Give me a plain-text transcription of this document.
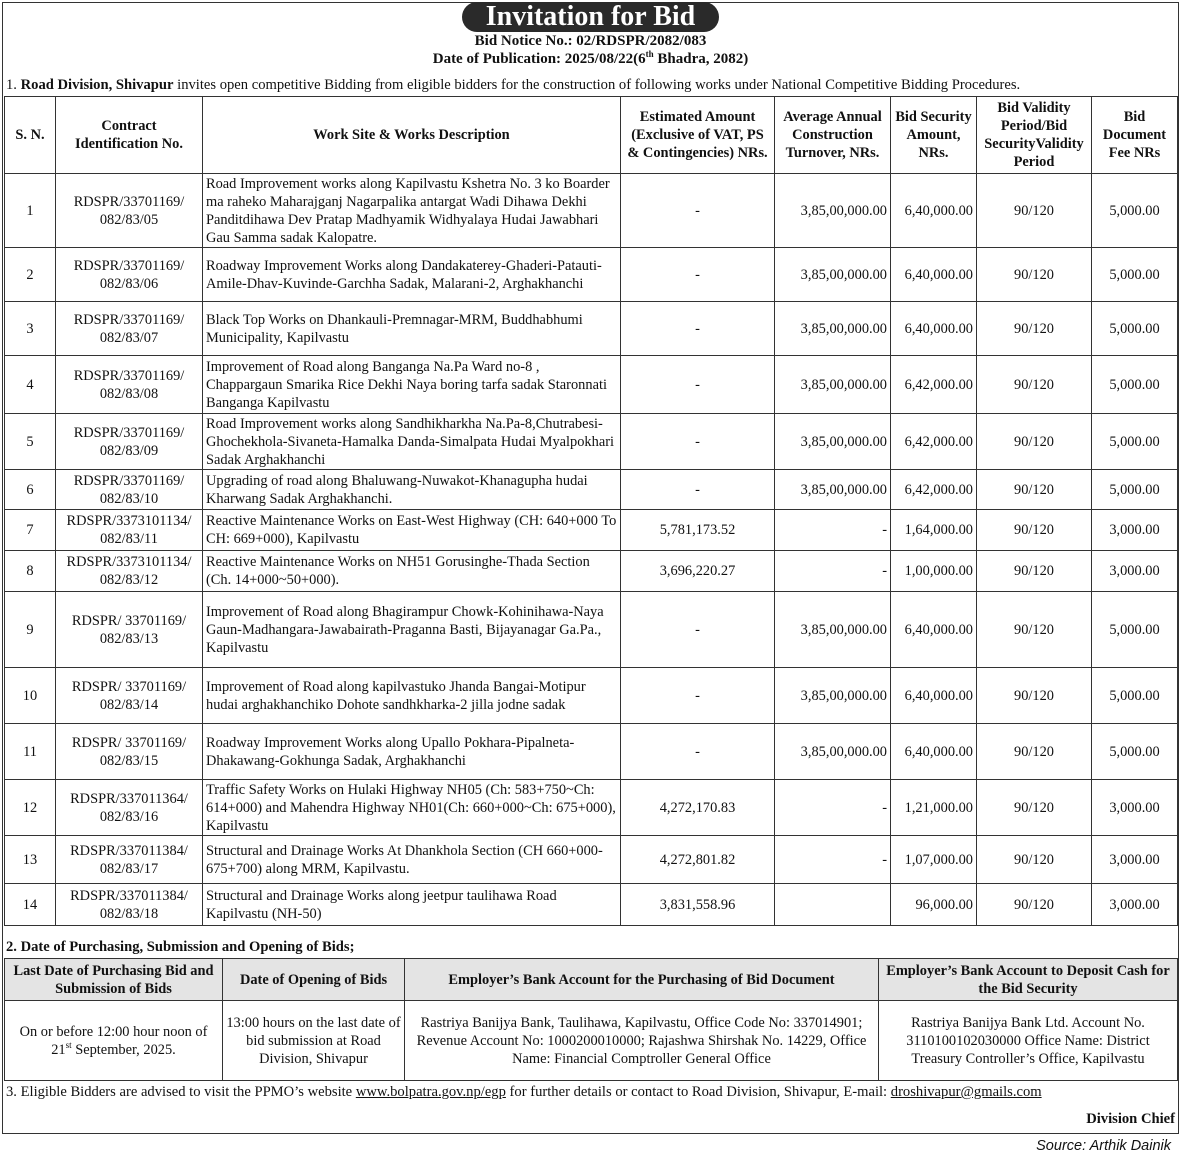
Invitation for Bid
Bid Notice No.: 02/RDSPR/2082/083
Date of Publication: 2025/08/22(6th Bhadra, 2082)
1. Road Division, Shivapur invites open competitive Bidding from eligible bidders for the construction of following works under National Competitive Bidding Procedures.
S. N.	Contract Identification No.	Work Site & Works Description	Estimated Amount (Exclusive of VAT, PS & Contingencies) NRs.	Average Annual Construction Turnover, NRs.	Bid Security Amount, NRs.	Bid Validity Period/Bid SecurityValidity Period	Bid Document Fee NRs
1	RDSPR/33701169/ 082/83/05	Road Improvement works along Kapilvastu Kshetra No. 3 ko Boarder ma raheko Maharajganj Nagarpalika antargat Wadi Dihawa Dekhi Panditdihawa Dev Pratap Madhyamik Widhyalaya Hudai Jawabhari Gau Samma sadak Kalopatre.	-	3,85,00,000.00	6,40,000.00	90/120	5,000.00
2	RDSPR/33701169/ 082/83/06	Roadway Improvement Works along Dandakaterey-Ghaderi-Patauti-Amile-Dhav-Kuvinde-Garchha Sadak, Malarani-2, Arghakhanchi	-	3,85,00,000.00	6,40,000.00	90/120	5,000.00
3	RDSPR/33701169/ 082/83/07	Black Top Works on Dhankauli-Premnagar-MRM, Buddhabhumi Municipality, Kapilvastu	-	3,85,00,000.00	6,40,000.00	90/120	5,000.00
4	RDSPR/33701169/ 082/83/08	Improvement of Road along Banganga Na.Pa Ward no-8 , Chappargaun Smarika Rice Dekhi Naya boring tarfa sadak Staronnati Banganga Kapilvastu	-	3,85,00,000.00	6,42,000.00	90/120	5,000.00
5	RDSPR/33701169/ 082/83/09	Road Improvement works along Sandhikharkha Na.Pa-8,Chutrabesi-Ghochekhola-Sivaneta-Hamalka Danda-Simalpata Hudai Myalpokhari Sadak Arghakhanchi	-	3,85,00,000.00	6,42,000.00	90/120	5,000.00
6	RDSPR/33701169/ 082/83/10	Upgrading of road along Bhaluwang-Nuwakot-Khanagupha hudai Kharwang Sadak Arghakhanchi.	-	3,85,00,000.00	6,42,000.00	90/120	5,000.00
7	RDSPR/3373101134/ 082/83/11	Reactive Maintenance Works on East-West Highway (CH: 640+000 To CH: 669+000), Kapilvastu	5,781,173.52	-	1,64,000.00	90/120	3,000.00
8	RDSPR/3373101134/ 082/83/12	Reactive Maintenance Works on NH51 Gorusinghe-Thada Section (Ch. 14+000~50+000).	3,696,220.27	-	1,00,000.00	90/120	3,000.00
9	RDSPR/ 33701169/ 082/83/13	Improvement of Road along Bhagirampur Chowk-Kohinihawa-Naya Gaun-Madhangara-Jawabairath-Praganna Basti, Bijayanagar Ga.Pa., Kapilvastu	-	3,85,00,000.00	6,40,000.00	90/120	5,000.00
10	RDSPR/ 33701169/ 082/83/14	Improvement of Road along kapilvastuko Jhanda Bangai-Motipur hudai arghakhanchiko Dohote sandhkharka-2 jilla jodne sadak	-	3,85,00,000.00	6,40,000.00	90/120	5,000.00
11	RDSPR/ 33701169/ 082/83/15	Roadway Improvement Works along Upallo Pokhara-Pipalneta-Dhakawang-Gokhunga Sadak, Arghakhanchi	-	3,85,00,000.00	6,40,000.00	90/120	5,000.00
12	RDSPR/337011364/ 082/83/16	Traffic Safety Works on Hulaki Highway NH05 (Ch: 583+750~Ch: 614+000) and Mahendra Highway NH01(Ch: 660+000~Ch: 675+000), Kapilvastu	4,272,170.83	-	1,21,000.00	90/120	3,000.00
13	RDSPR/337011384/ 082/83/17	Structural and Drainage Works At Dhankhola Section (CH 660+000-675+700) along MRM, Kapilvastu.	4,272,801.82	-	1,07,000.00	90/120	3,000.00
14	RDSPR/337011384/ 082/83/18	Structural and Drainage Works along jeetpur taulihawa Road Kapilvastu (NH-50)	3,831,558.96		96,000.00	90/120	3,000.00
2. Date of Purchasing, Submission and Opening of Bids;
Last Date of Purchasing Bid and Submission of Bids	Date of Opening of Bids	Employer’s Bank Account for the Purchasing of Bid Document	Employer’s Bank Account to Deposit Cash for the Bid Security
On or before 12:00 hour noon of 21st September, 2025.	13:00 hours on the last date of bid submission at Road Division, Shivapur	Rastriya Banijya Bank, Taulihawa, Kapilvastu, Office Code No: 337014901; Revenue Account No: 1000200010000; Rajashwa Shirshak No. 14229, Office Name: Financial Comptroller General Office	Rastriya Banijya Bank Ltd. Account No. 3110100102030000 Office Name: District Treasury Controller’s Office, Kapilvastu
3. Eligible Bidders are advised to visit the PPMO’s website www.bolpatra.gov.np/egp for further details or contact to Road Division, Shivapur, E-mail: droshivapur@gmails.com
Division Chief
Source: Arthik Dainik
